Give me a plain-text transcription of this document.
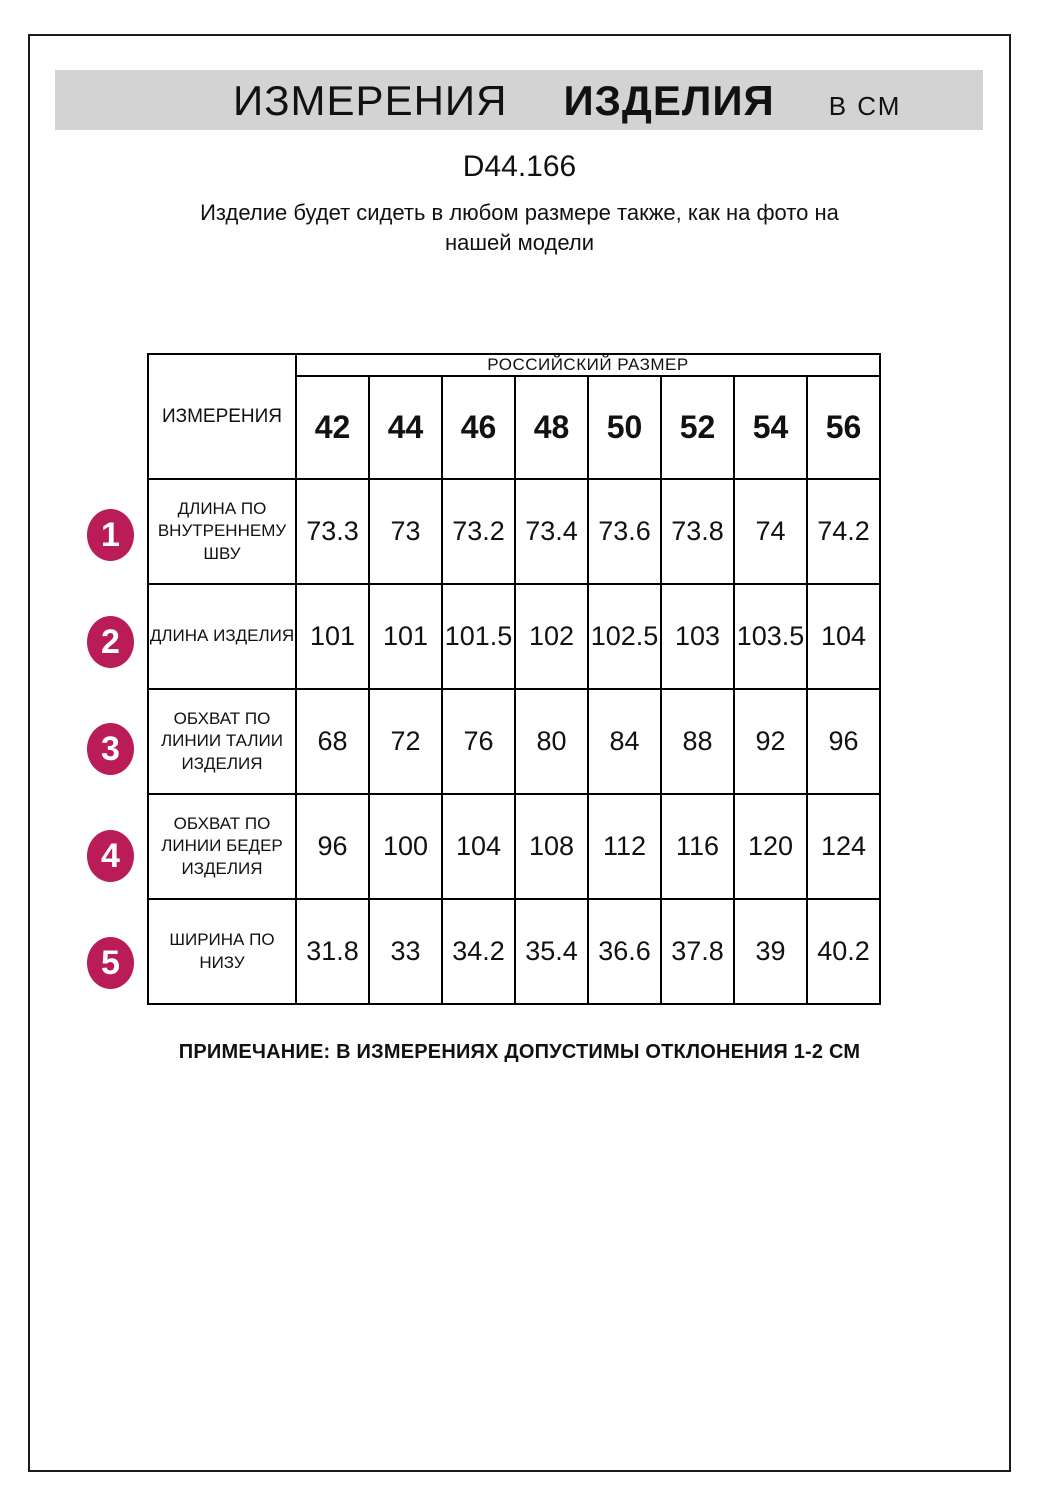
ИЗМЕРЕНИЯ ИЗДЕЛИЯ В СМ
D44.166
Изделие будет сидеть в любом размере также, как на фото на нашей модели
ИЗМЕРЕНИЯ	РОССИЙСКИЙ РАЗМЕР							
	42	44	46	48	50	52	54	56
ДЛИНА ПО ВНУТРЕННЕМУ ШВУ	73.3	73	73.2	73.4	73.6	73.8	74	74.2
ДЛИНА ИЗДЕЛИЯ	101	101	101.5	102	102.5	103	103.5	104
ОБХВАТ ПО ЛИНИИ ТАЛИИ ИЗДЕЛИЯ	68	72	76	80	84	88	92	96
ОБХВАТ ПО ЛИНИИ БЕДЕР ИЗДЕЛИЯ	96	100	104	108	112	116	120	124
ШИРИНА ПО НИЗУ	31.8	33	34.2	35.4	36.6	37.8	39	40.2
1
2
3
4
5
ПРИМЕЧАНИЕ: В ИЗМЕРЕНИЯХ ДОПУСТИМЫ ОТКЛОНЕНИЯ 1-2 СМ
